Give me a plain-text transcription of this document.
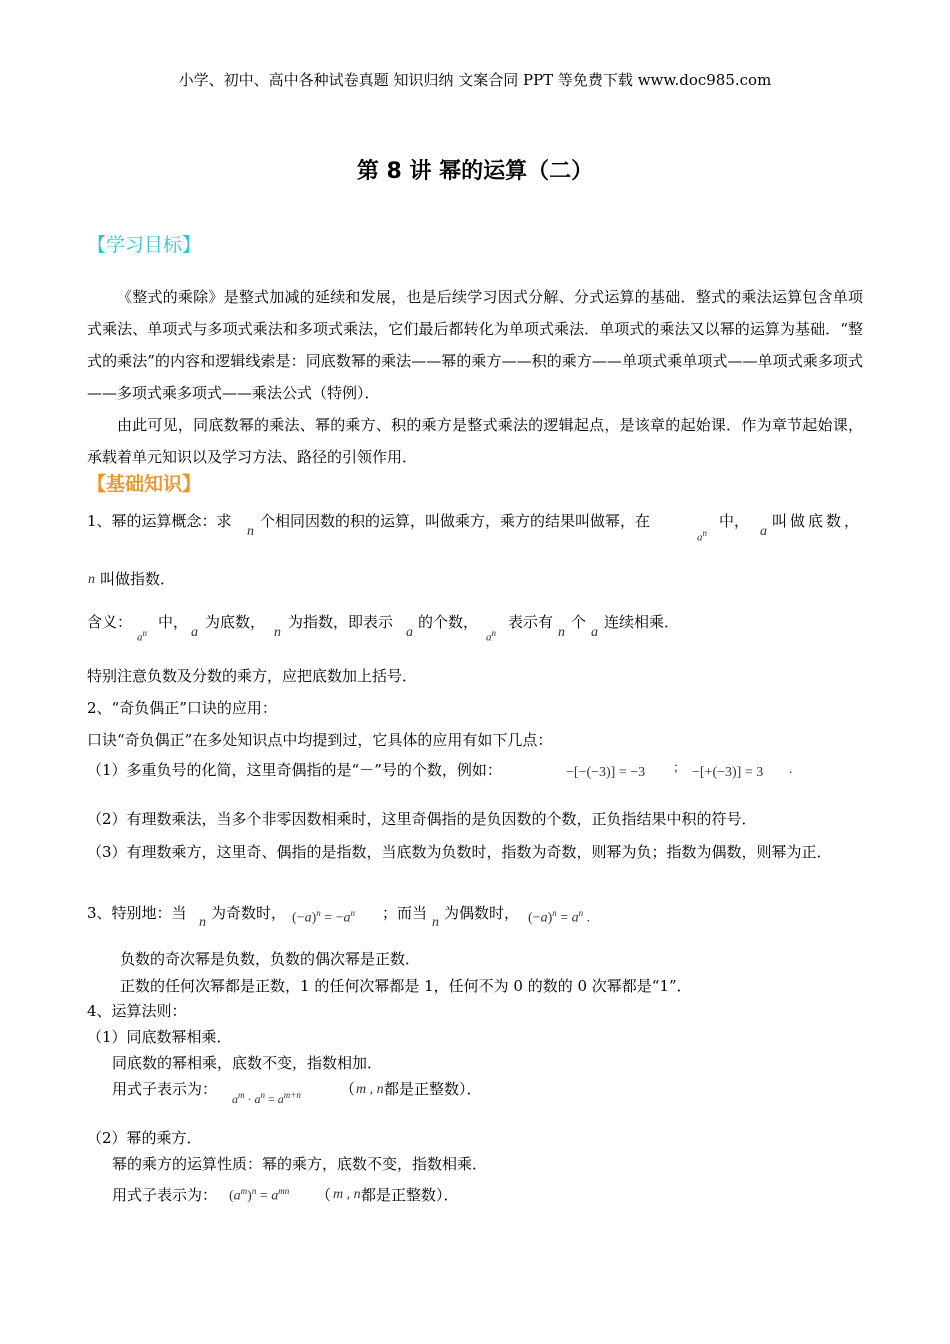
小学、初中、高中各种试卷真题 知识归纳 文案合同 PPT 等免费下载 www.doc985.com
第 8 讲 幂的运算（二）
【学习目标】
《整式的乘除》是整式加减的延续和发展，也是后续学习因式分解、分式运算的基础．整式的乘法运算包含单项式乘法、单项式与多项式乘法和多项式乘法，它们最后都转化为单项式乘法．单项式的乘法又以幂的运算为基础．“整式的乘法”的内容和逻辑线索是：同底数幂的乘法——幂的乘方——积的乘方——单项式乘单项式——单项式乘多项式——多项式乘多项式——乘法公式（特例）．
由此可见，同底数幂的乘法、幂的乘方、积的乘方是整式乘法的逻辑起点，是该章的起始课．作为章节起始课，承载着单元知识以及学习方法、路径的引领作用．
【基础知识】
1、幂的运算概念：求
n
个相同因数的积的运算，叫做乘方，乘方的结果叫做幂，在
$a^n$
中，
a
叫做底数，
n 叫做指数．
含义：
$a^n$
中，
a
为底数，
n
为指数，即表示
a
的个数，
$a^n$
表示有
n
个
a
连续相乘．
特别注意负数及分数的乘方，应把底数加上括号．
2、“奇负偶正”口诀的应用：
口诀“奇负偶正”在多处知识点中均提到过，它具体的应用有如下几点：
（1）多重负号的化简，这里奇偶指的是“－”号的个数，例如：	−[−(−3)] = −3 ; −[+(−3)] = 3 .
（2）有理数乘法，当多个非零因数相乘时，这里奇偶指的是负因数的个数，正负指结果中积的符号．
（3）有理数乘方，这里奇、偶指的是指数，当底数为负数时，指数为奇数，则幂为负；指数为偶数，则幂为正．
3、特别地：当
n
为奇数时， $(-a)^n = -a^n$ ；而当
n
为偶数时， $(-a)^n = a^n$ .
负数的奇次幂是负数，负数的偶次幂是正数．
正数的任何次幂都是正数，1 的任何次幂都是 1，任何不为 0 的数的 0 次幂都是“1”．
4、运算法则：
（1）同底数幂相乘．
同底数的幂相乘，底数不变，指数相加．
用式子表示为：
$a^m \cdot a^n = a^{m+n}$	（ m , n 都是正整数）．
（2）幂的乘方．
幂的乘方的运算性质：幂的乘方，底数不变，指数相乘．
用式子表示为： $(a^m)^n = a^{mn}$ （ m , n 都是正整数）．
